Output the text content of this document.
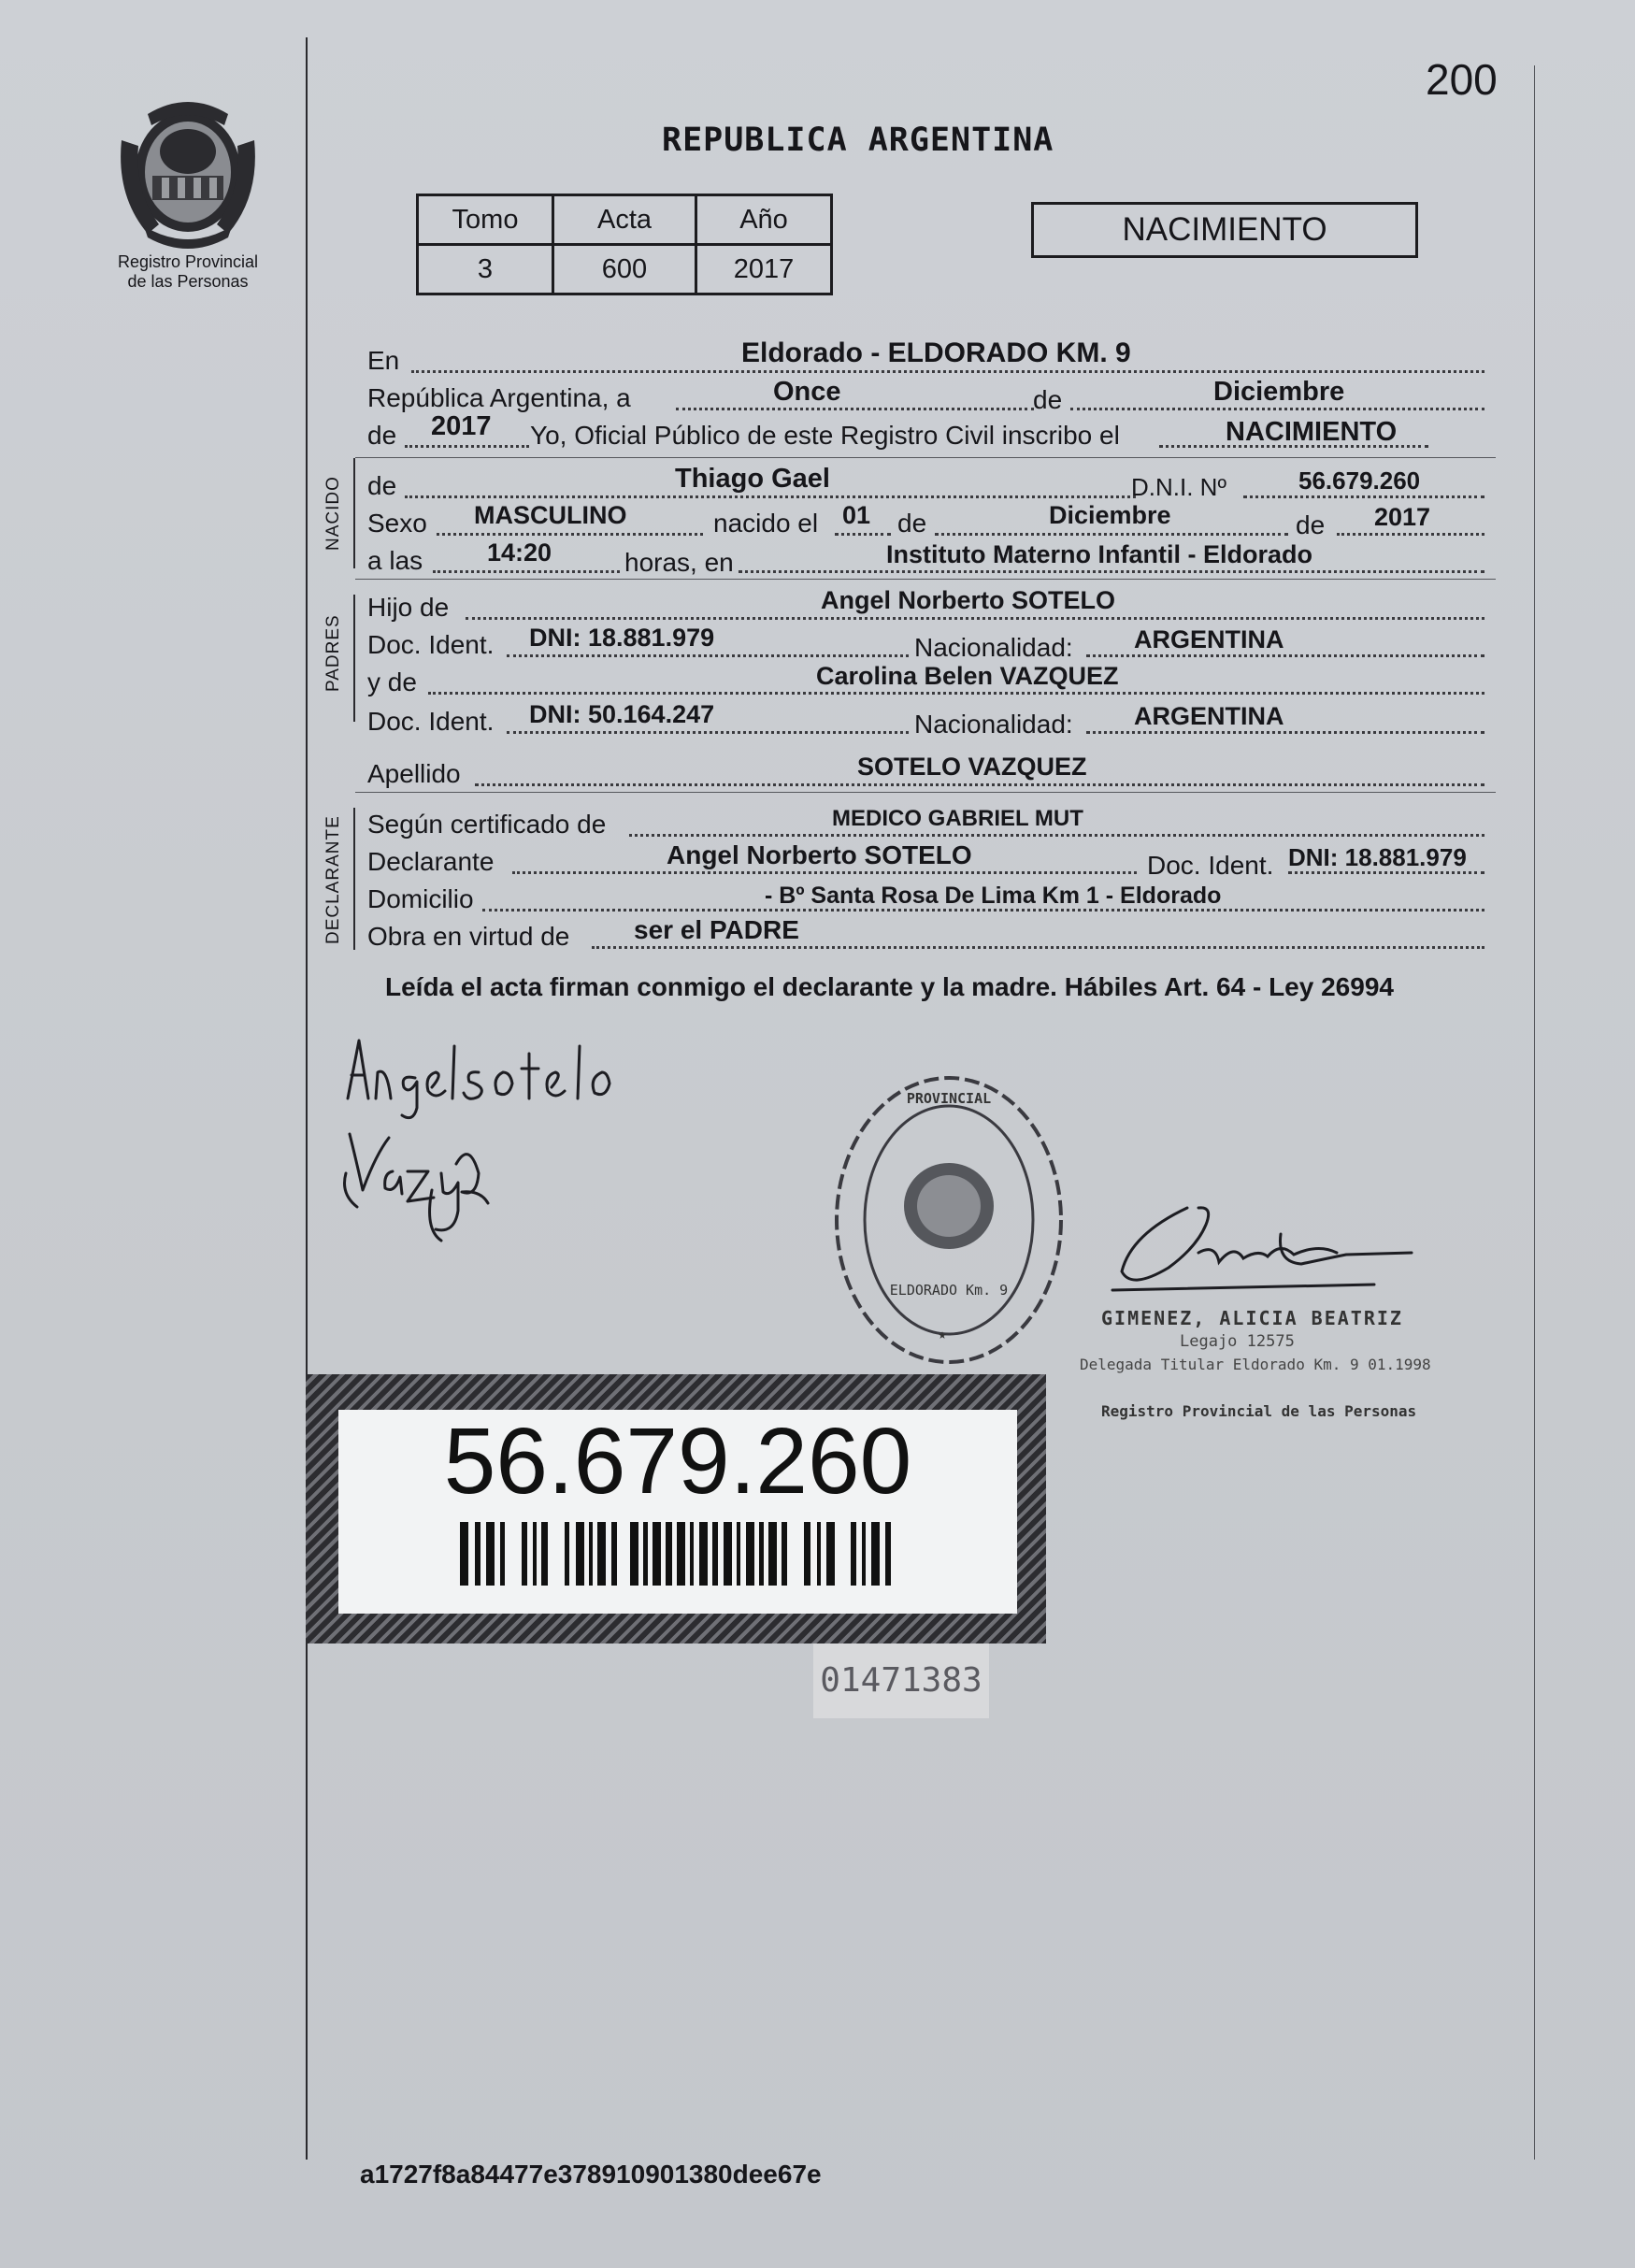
200
REPUBLICA ARGENTINA
Registro Provincial
de las Personas
Tomo	Acta	Año
3	600	2017
NACIMIENTO
En	Eldorado - ELDORADO KM. 9
República Argentina, a	Once	de	Diciembre
de 2017 Yo, Oficial Público de este Registro Civil inscribo el	NACIMIENTO
NACIDO de	Thiago Gael	D.N.I. Nº	56.679.260
Sexo MASCULINO	nacido el 01 de	Diciembre	de 2017
a las	14:20	horas, en	Instituto Materno Infantil - Eldorado
PADRES
Hijo de	Angel Norberto SOTELO
Doc. Ident. DNI: 18.881.979	Nacionalidad: ARGENTINA
y de	Carolina Belen VAZQUEZ
Doc. Ident. DNI: 50.164.247	Nacionalidad: ARGENTINA
Apellido	SOTELO VAZQUEZ
DECLARANTE Según certificado de	MEDICO GABRIEL MUT
Declarante	Angel Norberto SOTELO	Doc. Ident. DNI: 18.881.979
Domicilio	- Bº Santa Rosa De Lima Km 1 - Eldorado
Obra en virtud de ser el PADRE
Leída el acta firman conmigo el declarante y la madre. Hábiles Art. 64 - Ley 26994
PROVINCIAL
★
ELDORADO Km. 9
GIMENEZ, ALICIA BEATRIZ
Legajo 12575
Delegada Titular Eldorado Km. 9 01.1998
Registro Provincial de las Personas
56.679.260
01471383
a1727f8a84477e378910901380dee67e
